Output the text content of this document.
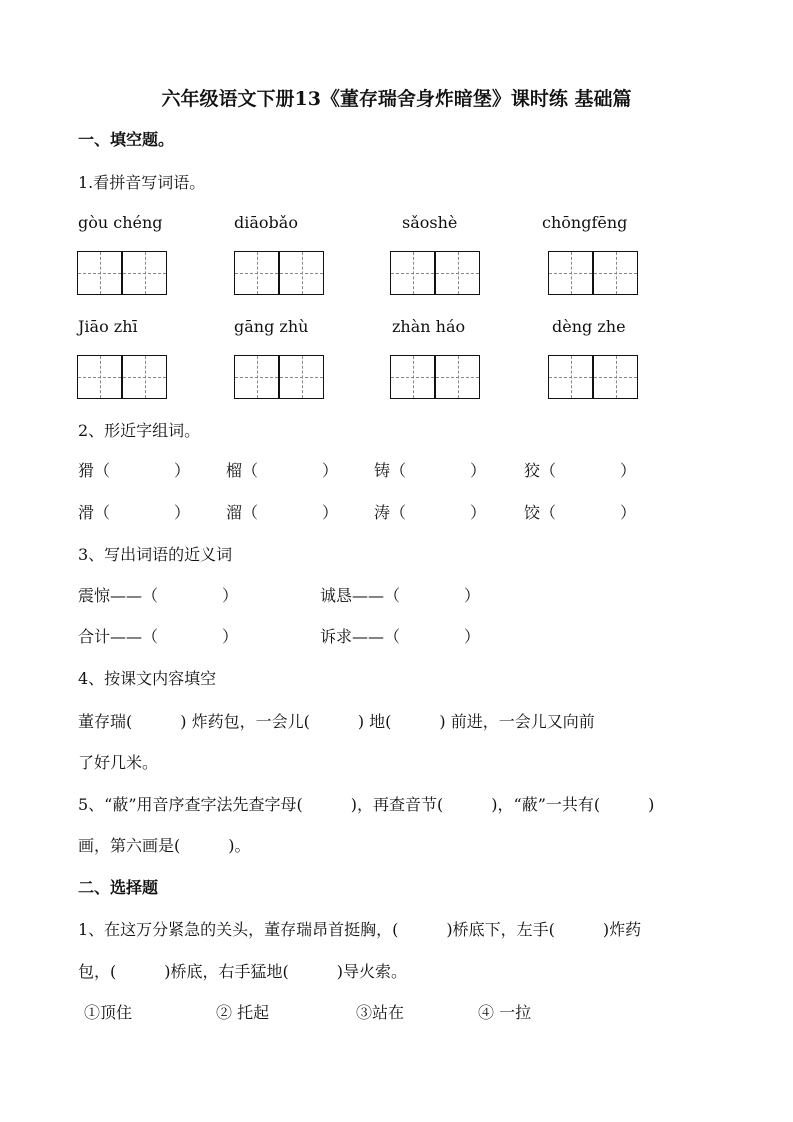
六年级语文下册13《董存瑞舍身炸暗堡》课时练 基础篇
一、填空题。
1.看拼音写词语。
gòu chéng	diāobǎo	sǎoshè	chōngfēng
Jiāo zhī	gāng zhù	zhàn háo	dèng zhe
2、形近字组词。
猾（　　　　） 榴（　　　　） 铸（　　　　） 狡（　　　　）
滑（　　　　） 溜（　　　　） 涛（　　　　） 饺（　　　　）
3、写出词语的近义词
震惊——（　　　　）	诚恳——（　　　　）
合计——（　　　　）	诉求——（　　　　）
4、按课文内容填空
董存瑞(　　　) 炸药包，一会儿(　　　) 地(　　　) 前进，一会儿又向前
了好几米。
5、“蔽”用音序查字法先查字母(　　　)，再查音节(　　　)，“蔽”一共有(　　　)
画，第六画是(　　　)。
二、选择题
1、在这万分紧急的关头，董存瑞昂首挺胸，(　　　)桥底下，左手(　　　)炸药
包，(　　　)桥底，右手猛地(　　　)导火索。
①顶住	② 托起	③站在	④ 一拉
